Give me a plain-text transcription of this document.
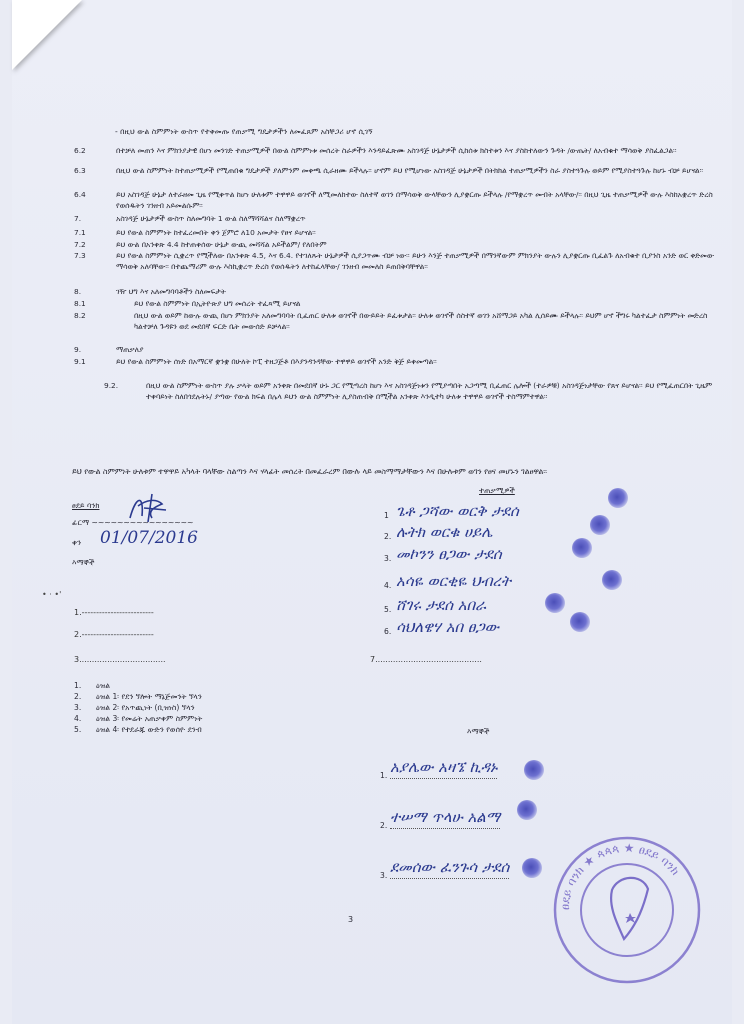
- በዚህ ውል ስምምነት ውስጥ የተቀመጡ የጠቃሚ ግዴታዎችን ለመፈጸም አስቸጋሪ ሆኖ ሲገኝ
6.2	በተቻለ መጠን እና ምክንያታዊ በሆነ መንገድ ተጠቃሚዎች በውል ስምምነቱ መሰረት ስራዎችን እንዳይፈጽሙ አስገዳጅ ሁኔታዎች ሲከሰቱ ክስተቱን እና ያስከተለውን ጉዳት /ውጤት/ ለአብቁተ ማሳወቅ ያስፈልጋል፡፡
6.3	በዚህ ውል ስምምነት ከተጠቃሚዎች የሚጠበቁ ግዴታዎች ያለምንም መቀጫ ሲራዘሙ ይችላሉ፡፡ ሆኖም ይህ የሚሆነው አስገዳጅ ሁኔታዎች በትክክል ተጠቃሚዎችን ስራ ያስተጓጉሉ ወይም የሚያስተጓጉሉ ከሆኑ ብቻ ይሆናል፡፡
6.4	ይህ አስገዳጅ ሁኔታ ለተራዘመ ጊዜ የሚቀጥል ከሆነ ሁለቱም ተዋዋይ ወገኖች ለሚመለከተው ስለተኛ ወገን በማሳወቅ ውላቸውን ሊያቋርጡ ይችላሉ /የማቋረጥ መብት አላቸው/፡፡ በዚህ ጊዜ ተጠቃሚዎች ውሉ እስከአቋረጥ ድረስ የወሰዱትን ገንዘብ አይመልሱም፡፡
7.	አስገዳጅ ሁኔታዎች ውስጥ ስለመግባት 1 ውል ስለማሻሻልና ስለማቋረጥ
7.1	ይህ የውል ስምምነት ከተፈረመበት ቀን ጀምሮ ለ10 አመታት የፀና ይሆናል፡፡
7.2	ይህ ውል በአንቀጽ 4.4 ከተጠቀሰው ሁኔታ ውጪ መሻሻል አይችልም/ የለበትም
7.3	ይህ የውል ስምምነት ሲቋረጥ የሚችለው በአንቀጽ 4.5, እና 6.4. የተገለጹት ሁኔታዎች ሲያጋጥሙ ብቻ ነው፡፡ ይሁን እንጅ ተጠቃሚዎች በማንኛውም ምክንያት ውሉን ሊያቋርጡ ቢፈልጉ ለአብቁተ ቢያንስ አንድ ወር ቀድመው ማሳወቅ አለባቸው፡፡ በተጨማሪም ውሉ እስኪቋረጥ ድረስ የወሰዱትን ለተከፈላቸው/ ገንዘብ መመለስ ይጠበቅባቸዋል፡፡
8.	ገዥ ህግ እና አለመግባባቶችን ስለመፍታት
8.1	ይህ የውል ስምምነት በኢትዮጵያ ህግ መሰረት ተፈጻሚ ይሆናል
8.2	በዚህ ውል ወይም ከውሉ ውጪ በሆነ ምክንያት አለመግባባት ቢፈጠር ሁለቱ ወገኖች በውይይት ይፈቱታል፡፡ ሁለቱ ወገኖች ሰስተኛ ወገን አሸማጋይ አካል ሊሰይሙ ይችላሉ፡፡ ይህም ሆኖ ችግሩ ካልተፈታ ስምምነት መድረስ ካልተቻለ ጉዳዩን ወደ መደበኛ ፍርድ ቤት መውሰድ ይቻላል፡፡
9.	ማጠቃለያ
9.1	ይህ የውል ስምምነት ሰነድ በአማርኛ ቋንቋ በሁለት ኮፒ ተዘጋጅቶ በእያንዳንዳቸው ተዋዋይ ወገኖች አንድ ቅጅ ይቀመጣል፡፡
9.2.	በዚህ ውል ስምምነት ውስጥ ያሉ ቃላት ወይም አንቀጽ በመደበኛ ሁኑ ጋር የሚጣረስ ከሆነ እና አስገዳጅነቱን የሚያጣበት አጋጣሚ ቢፈጠር ሌሎች (ተራዎቹ) አስገዳጅነታቸው የጸና ይሆናል፡፡ ይህ የሚፈጠርበት ጊዜም ተቀባይነት ስለበጎደሉትኑ/ ያጣው የውል ክፍል በሌላ ይህን ውል ስምምነት ሊያስጠብቅ በሚችል አንቀጽ እንዲተካ ሁለቱ ተዋዋይ ወገኖች ተስማምተዋል፡፡
ይህ የውል ስምምነት ሁለቱም ተዋዋይ አካላት ባላቸው ስልጣን እና ሃላፊት መሰረት በመፈራረም በውሉ ላይ መስማማታቸውን እና በሁሉቱም ወገን የፀና መሆኑን ገልፀዋል፡፡
ፀደይ ባንክ
ፊርማ ~~~~~~~~~~~~~~~~
ቀን 01/07/2016
እማኞች
1.-------------------------
2.-------------------------
3..................................
ተጠቃሚዎች
1 ጌቶ ጋሻው ወርቅ ታደሰ
2. ሉትክ ወርቁ ሀይሌ
3. መኮንን ፀጋው ታደሰ
4. አሳዬ ወርቂዬ ህብረት
5. ሸገሩ ታደሰ አበራ
6. ሳህለዌሃ አበ ፀጋው
7..........................................
1. ዕዝል
2. ዕዝል 1፡ የደን ኘሎት ማኔጅመንት ኘላን
3. ዕዝል 2፡ የአጥጪነት (ቢዝነስ) ኘላን
4. ዕዝል 3፡ የመሬት አጠቃቀም ስምምነት
5. ዕዝል 4፡ የተደራጁ ውድን የወሰዮ ደንብ	እማኞች
1. አያሌው አዛኜ ኪዳኑ
2. ተሠማ ጥላሁ አልማ
3. ደመሰው ፈንጉሳ ታደሰ
ፀደይ ባንክ ★ ጳጳጳ ★ ፀደይ ባንክ
3
• · •'
